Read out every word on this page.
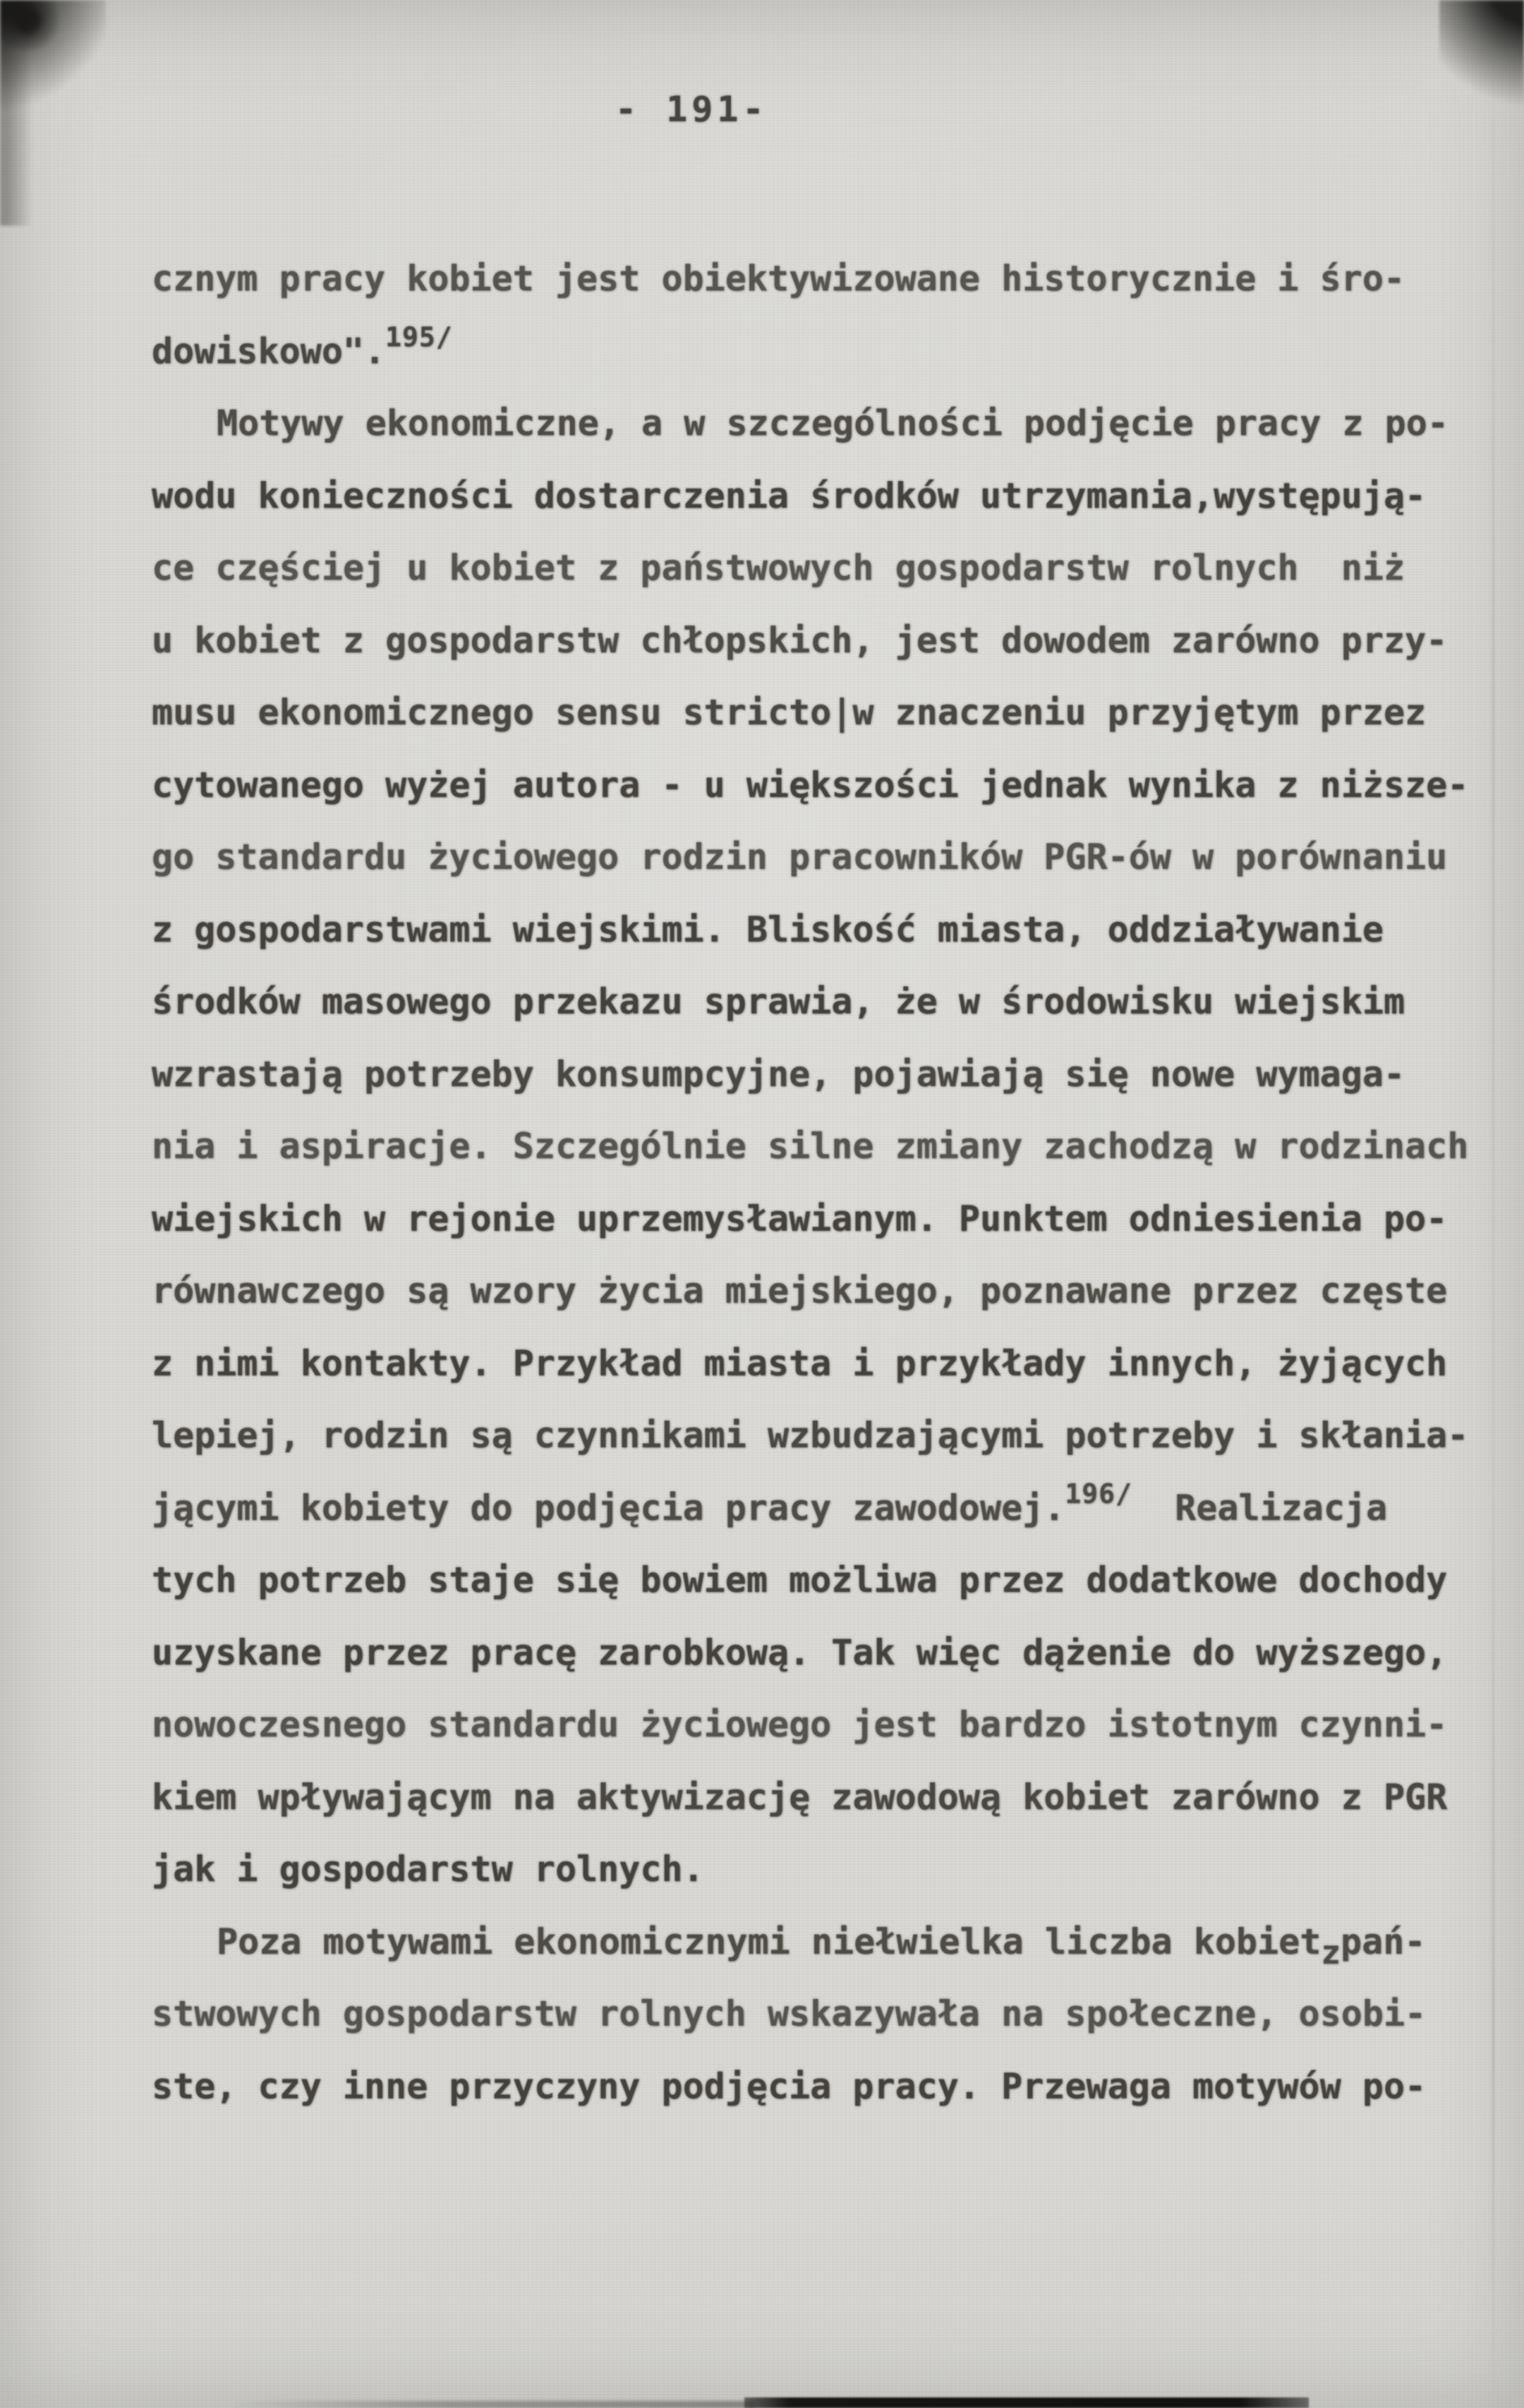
- 191-
cznym pracy kobiet jest obiektywizowane historycznie i śro-
dowiskowo".195/
Motywy ekonomiczne, a w szczególności podjęcie pracy z po-
wodu konieczności dostarczenia środków utrzymania,występują-
ce częściej u kobiet z państwowych gospodarstw rolnych  niż
u kobiet z gospodarstw chłopskich, jest dowodem zarówno przy-
musu ekonomicznego sensu stricto|w znaczeniu przyjętym przez
cytowanego wyżej autora - u większości jednak wynika z niższe-
go standardu życiowego rodzin pracowników PGR-ów w porównaniu
z gospodarstwami wiejskimi. Bliskość miasta, oddziaływanie
środków masowego przekazu sprawia, że w środowisku wiejskim
wzrastają potrzeby konsumpcyjne, pojawiają się nowe wymaga-
nia i aspiracje. Szczególnie silne zmiany zachodzą w rodzinach
wiejskich w rejonie uprzemysławianym. Punktem odniesienia po-
równawczego są wzory życia miejskiego, poznawane przez częste
z nimi kontakty. Przykład miasta i przykłady innych, żyjących
lepiej, rodzin są czynnikami wzbudzającymi potrzeby i skłania-
jącymi kobiety do podjęcia pracy zawodowej.196/  Realizacja
tych potrzeb staje się bowiem możliwa przez dodatkowe dochody
uzyskane przez pracę zarobkową. Tak więc dążenie do wyższego,
nowoczesnego standardu życiowego jest bardzo istotnym czynni-
kiem wpływającym na aktywizację zawodową kobiet zarówno z PGR
jak i gospodarstw rolnych.
Poza motywami ekonomicznymi niełwielka liczba kobietzpań-
stwowych gospodarstw rolnych wskazywała na społeczne, osobi-
ste, czy inne przyczyny podjęcia pracy. Przewaga motywów po-
